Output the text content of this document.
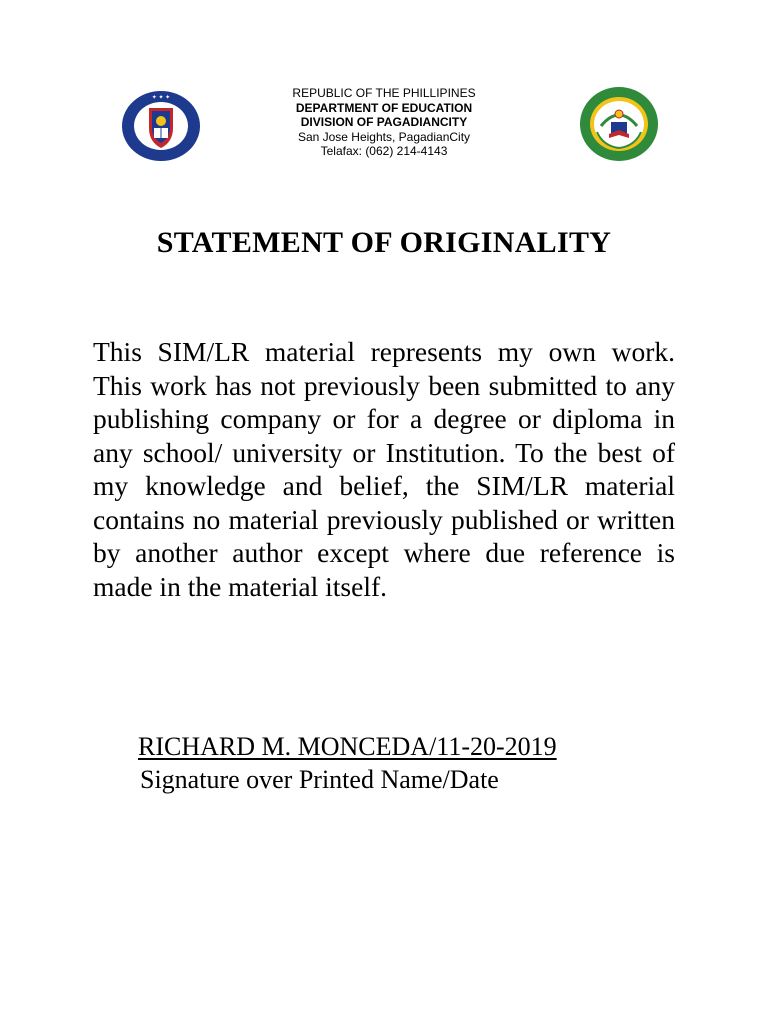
✦ ✦ ✦	REPUBLIC OF THE PHILLIPINES
DEPARTMENT OF EDUCATION
DIVISION OF PAGADIANCITY
San Jose Heights, PagadianCity
Telafax: (062) 214-4143
STATEMENT OF ORIGINALITY
This SIM/LR material represents my own work. This work has not previously been submitted to any publishing company or for a degree or diploma in any school/ university or Institution. To the best of my knowledge and belief, the SIM/LR material contains no material previously published or written by another author except where due reference is made in the material itself.
RICHARD M. MONCEDA/11-20-2019
Signature over Printed Name/Date
